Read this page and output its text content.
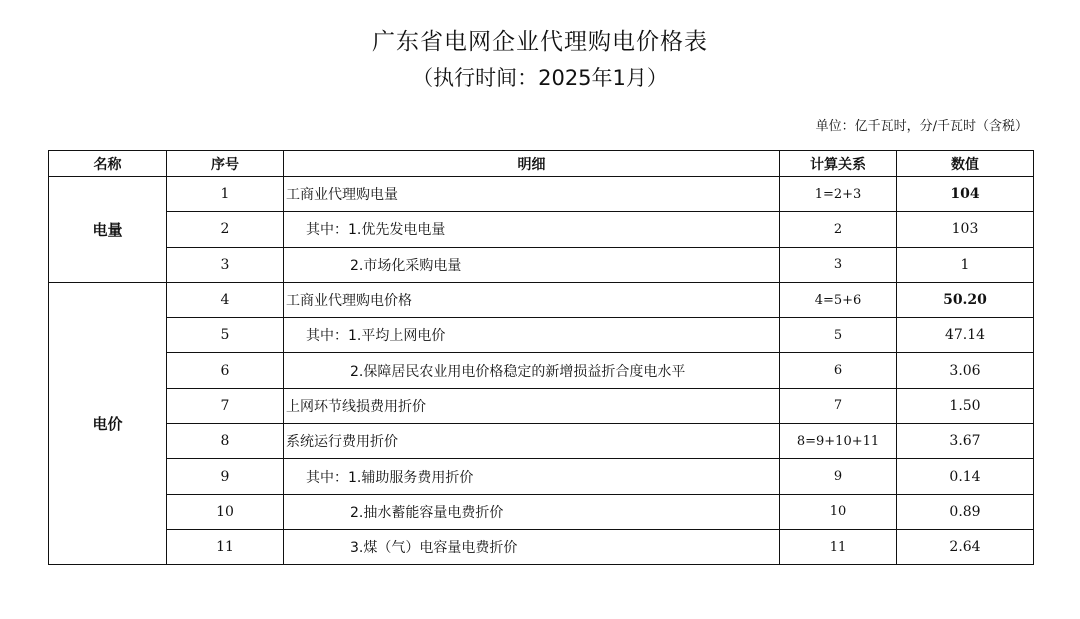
广东省电网企业代理购电价格表
（执行时间：2025年1月）
单位：亿千瓦时，分/千瓦时（含税）
名称	序号	明细	计算关系	数值
电量	1	工商业代理购电量	1=2+3	104
	2	其中：1.优先发电电量	2	103
	3	2.市场化采购电量	3	1
电价	4	工商业代理购电价格	4=5+6	50.20
	5	其中：1.平均上网电价	5	47.14
	6	2.保障居民农业用电价格稳定的新增损益折合度电水平	6	3.06
	7	上网环节线损费用折价	7	1.50
	8	系统运行费用折价	8=9+10+11	3.67
	9	其中：1.辅助服务费用折价	9	0.14
	10	2.抽水蓄能容量电费折价	10	0.89
	11	3.煤（气）电容量电费折价	11	2.64
